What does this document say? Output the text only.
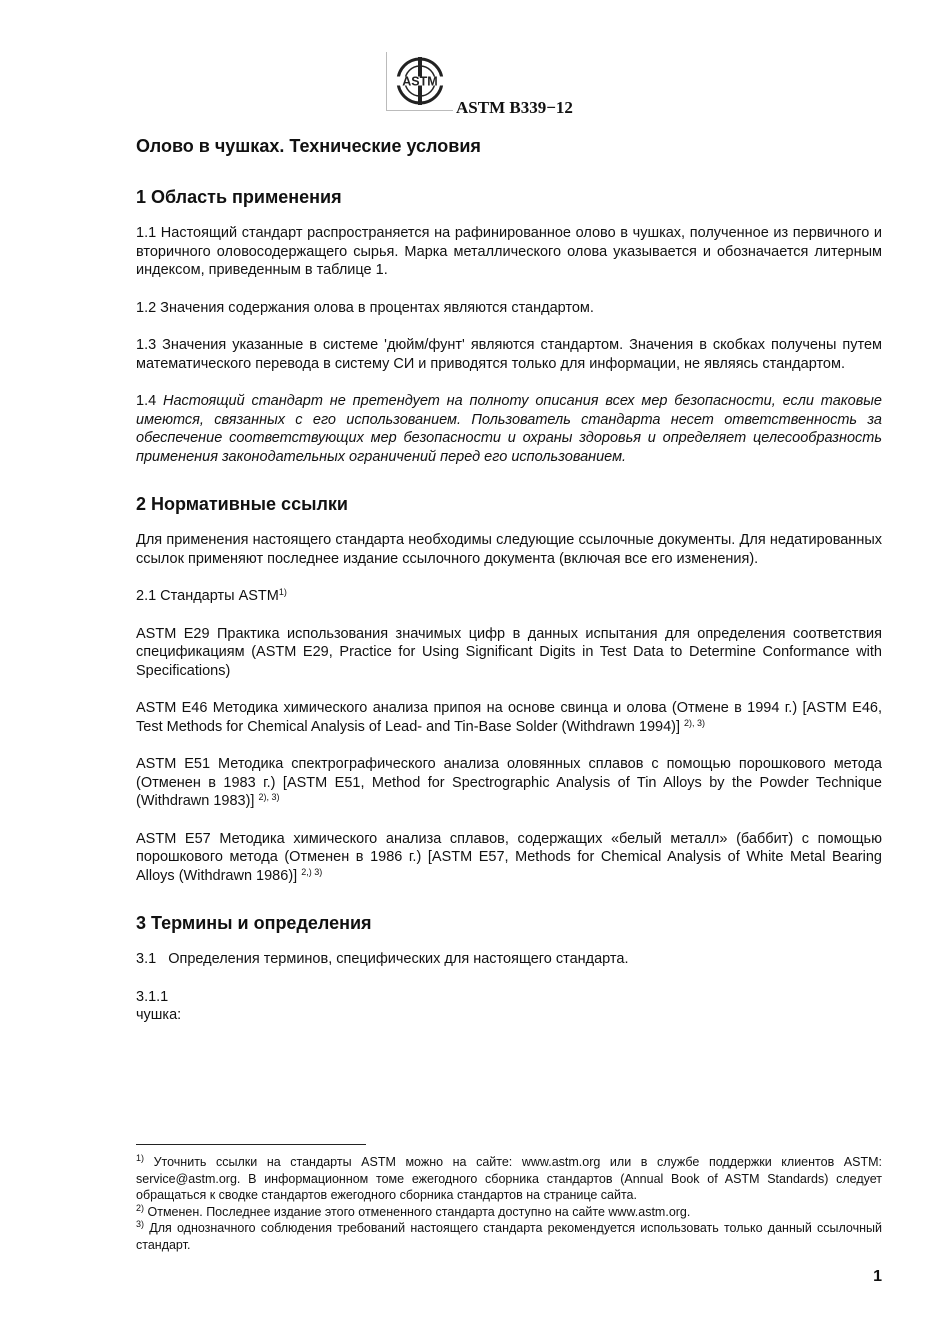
ASTM
ASTM B339−12
Олово в чушках. Технические условия
1 Область применения

1.1 Настоящий стандарт распространяется на рафинированное олово в чушках, полученное из первичного и вторичного оловосодержащего сырья. Марка металлического олова указывается и обозначается литерным индексом, приведенным в таблице 1.

1.2 Значения содержания олова в процентах являются стандартом.

1.3 Значения указанные в системе 'дюйм/фунт' являются стандартом. Значения в скобках получены путем математического перевода в систему СИ и приводятся только для информации, не являясь стандартом.

1.4 Настоящий стандарт не претендует на полноту описания всех мер безопасности, если таковые имеются, связанных с его использованием. Пользователь стандарта несет ответственность за обеспечение соответствующих мер безопасности и охраны здоровья и определяет целесообразность применения законодательных ограничений перед его использованием.

2 Нормативные ссылки

Для применения настоящего стандарта необходимы следующие ссылочные документы. Для недатированных ссылок применяют последнее издание ссылочного документа (включая все его изменения).

2.1 Стандарты ASTM$^{1)}$

ASTM E29 Практика использования значимых цифр в данных испытания для определения соответствия спецификациям (ASTM E29, Practice for Using Significant Digits in Test Data to Determine Conformance with Specifications)

ASTM E46 Методика химического анализа припоя на основе свинца и олова (Отмене в 1994 г.) [ASTM E46, Test Methods for Chemical Analysis of Lead- and Tin-Base Solder (Withdrawn 1994)] $^{2), 3)}$

ASTM E51 Методика спектрографического анализа оловянных сплавов с помощью порошкового метода (Отменен в 1983 г.) [ASTM E51, Method for Spectrographic Analysis of Tin Alloys by the Powder Technique (Withdrawn 1983)] $^{2), 3)}$

ASTM E57 Методика химического анализа сплавов, содержащих «белый металл» (баббит) с помощью порошкового метода (Отменен в 1986 г.) [ASTM E57, Methods for Chemical Analysis of White Metal Bearing Alloys (Withdrawn 1986)] $^{2,) 3)}$

3 Термины и определения

3.1   Определения терминов, специфических для настоящего стандарта.

3.1.1
чушка:

$^{1)}$ Уточнить ссылки на стандарты ASTM можно на сайте: www.astm.org или в службе поддержки клиентов ASTM: service@astm.org. В информационном томе ежегодного сборника стандартов (Annual Book of ASTM Standards) следует обращаться к сводке стандартов ежегодного сборника стандартов на странице сайта.

$^{2)}$ Отменен. Последнее издание этого отмененного стандарта доступно на сайте www.astm.org.

$^{3)}$ Для однозначного соблюдения требований настоящего стандарта рекомендуется использовать только данный ссылочный стандарт.

1
